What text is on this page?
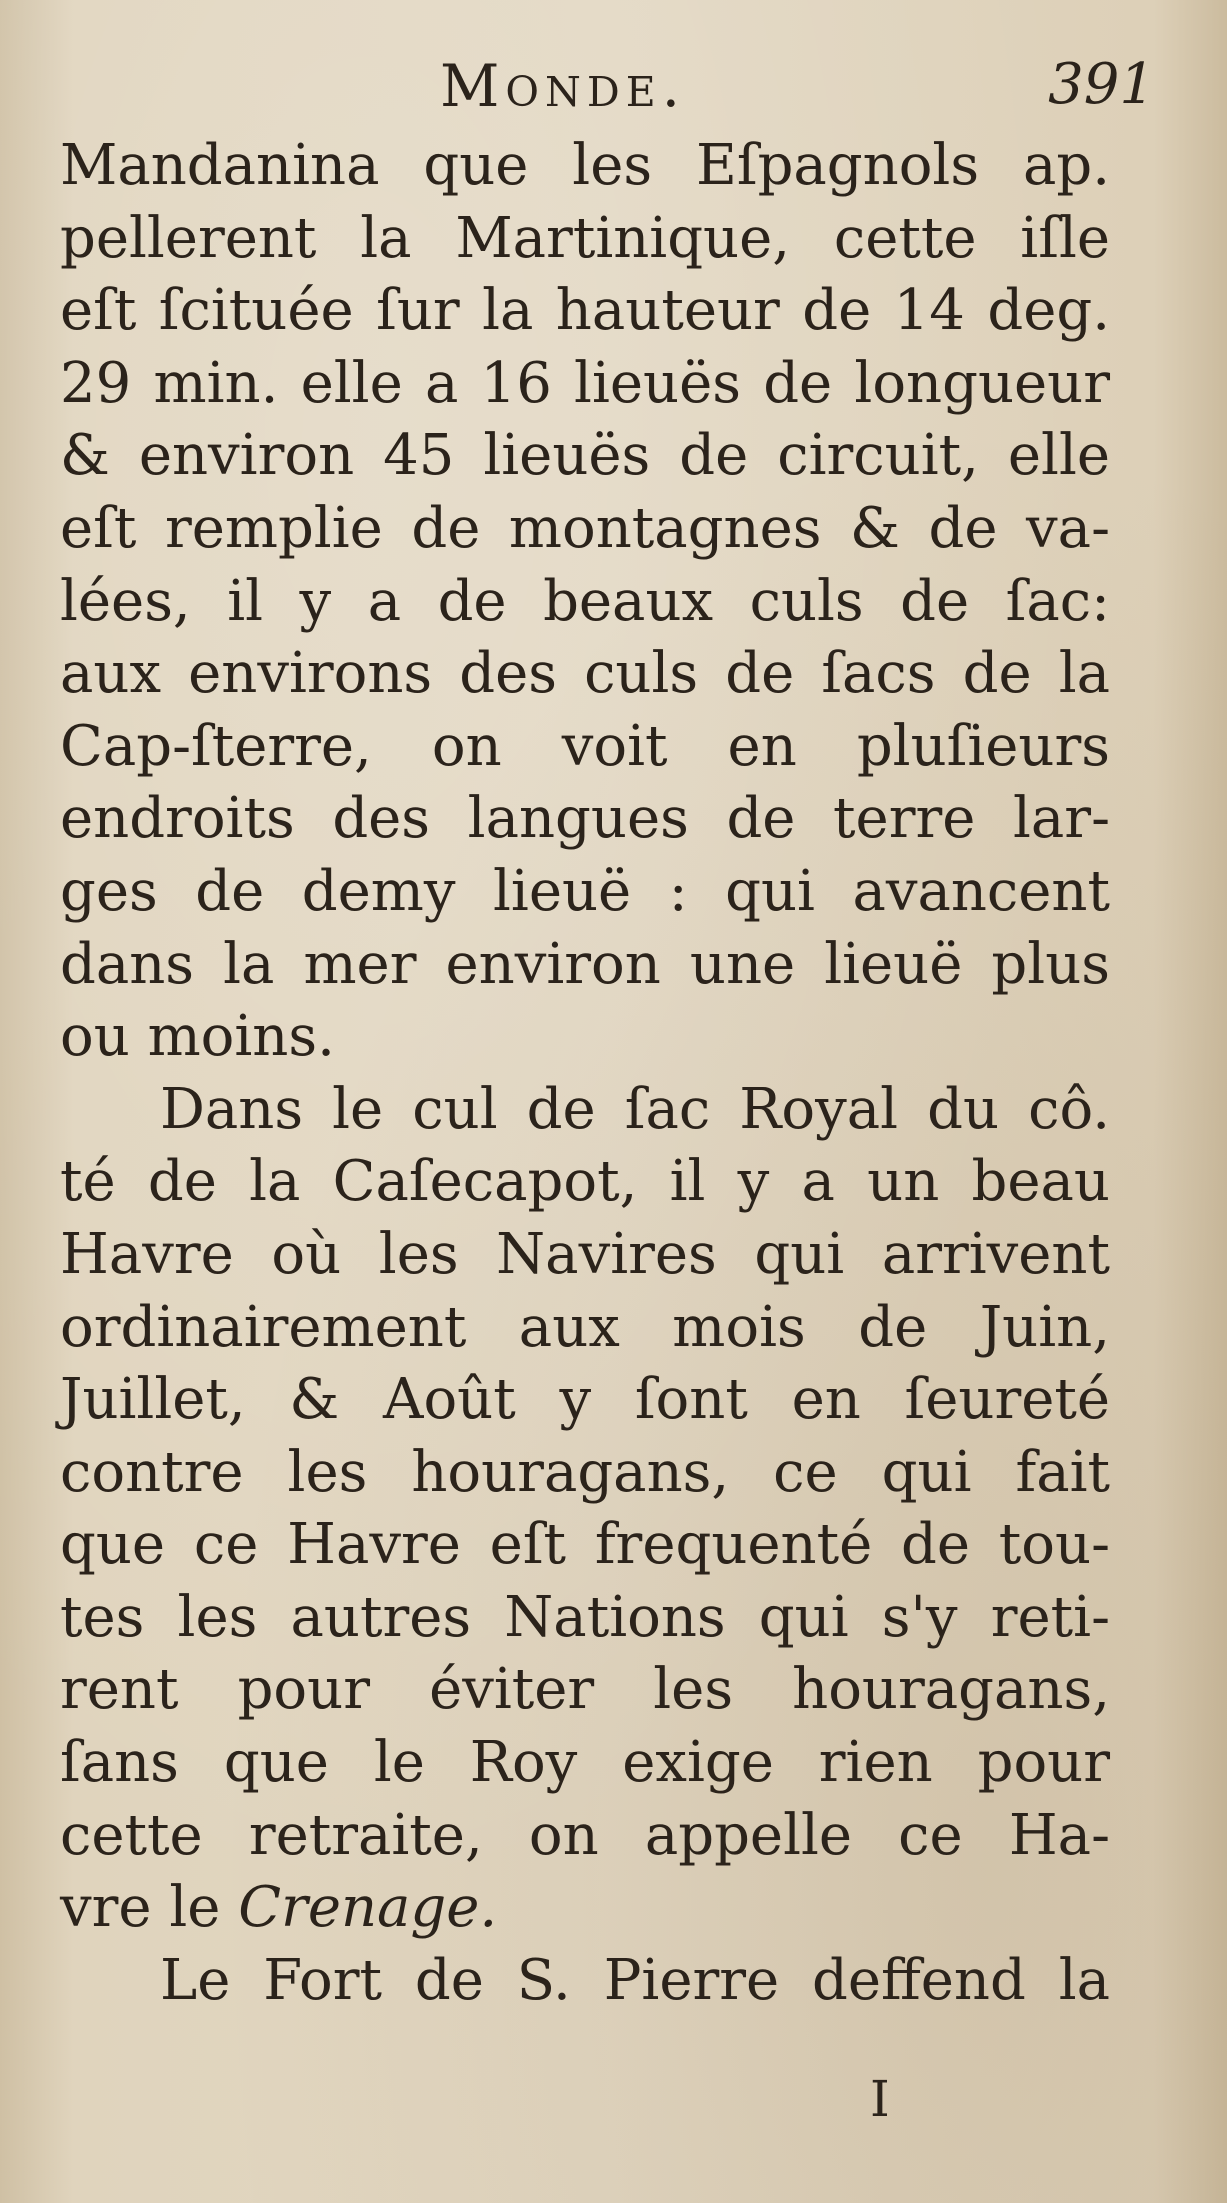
Monde.	391
Mandanina que les Eſpagnols ap.
pellerent la Martinique, cette iſle
eſt ſcituée ſur la hauteur de 14 deg.
29 min. elle a 16 lieuës de longueur
& environ 45 lieuës de circuit, elle
eſt remplie de montagnes & de va-
lées, il y a de beaux culs de ſac:
aux environs des culs de ſacs de la
Cap-ſterre, on voit en pluſieurs
endroits des langues de terre lar-
ges de demy lieuë : qui avancent
dans la mer environ une lieuë plus
ou moins.
Dans le cul de ſac Royal du cô.
té de la Caſecapot, il y a un beau
Havre où les Navires qui arrivent
ordinairement aux mois de Juin,
Juillet, & Août y ſont en ſeureté
contre les houragans, ce qui fait
que ce Havre eſt frequenté de tou-
tes les autres Nations qui s'y reti-
rent pour éviter les houragans,
ſans que le Roy exige rien pour
cette retraite, on appelle ce Ha-
vre le Crenage.
Le Fort de S. Pierre deffend la
I
